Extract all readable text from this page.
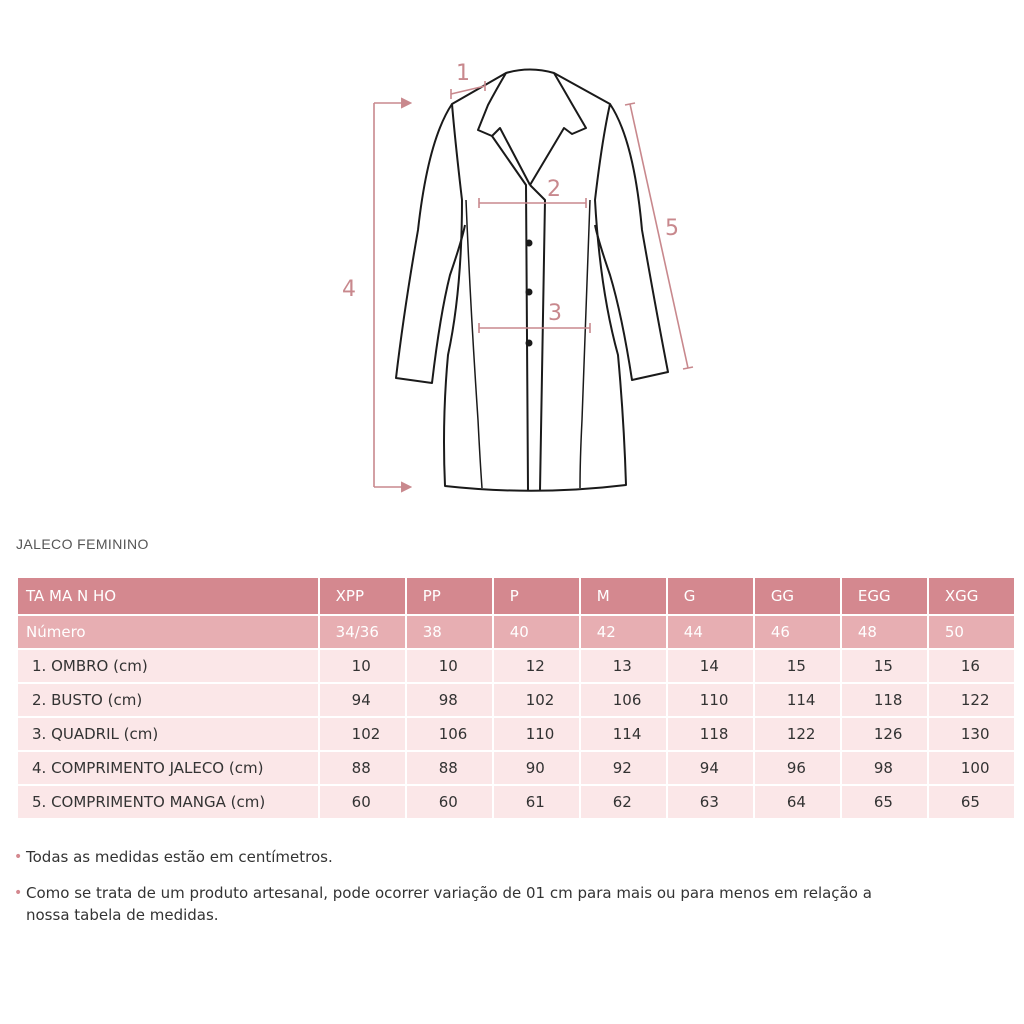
1
2
3
4
5
JALECO FEMININO
TA MA N HO	XPP	PP	P	M	G	GG	EGG	XGG
Número	34/36	38	40	42	44	46	48	50
1. OMBRO (cm)	10	10	12	13	14	15	15	16
2. BUSTO (cm)	94	98	102	106	110	114	118	122
3. QUADRIL (cm)	102	106	110	114	118	122	126	130
4. COMPRIMENTO JALECO (cm)	88	88	90	92	94	96	98	100
5. COMPRIMENTO MANGA (cm)	60	60	61	62	63	64	65	65
• Todas as medidas estão em centímetros.
• Como se trata de um produto artesanal, pode ocorrer variação de 01 cm para mais ou para menos em relação a nossa tabela de medidas.
